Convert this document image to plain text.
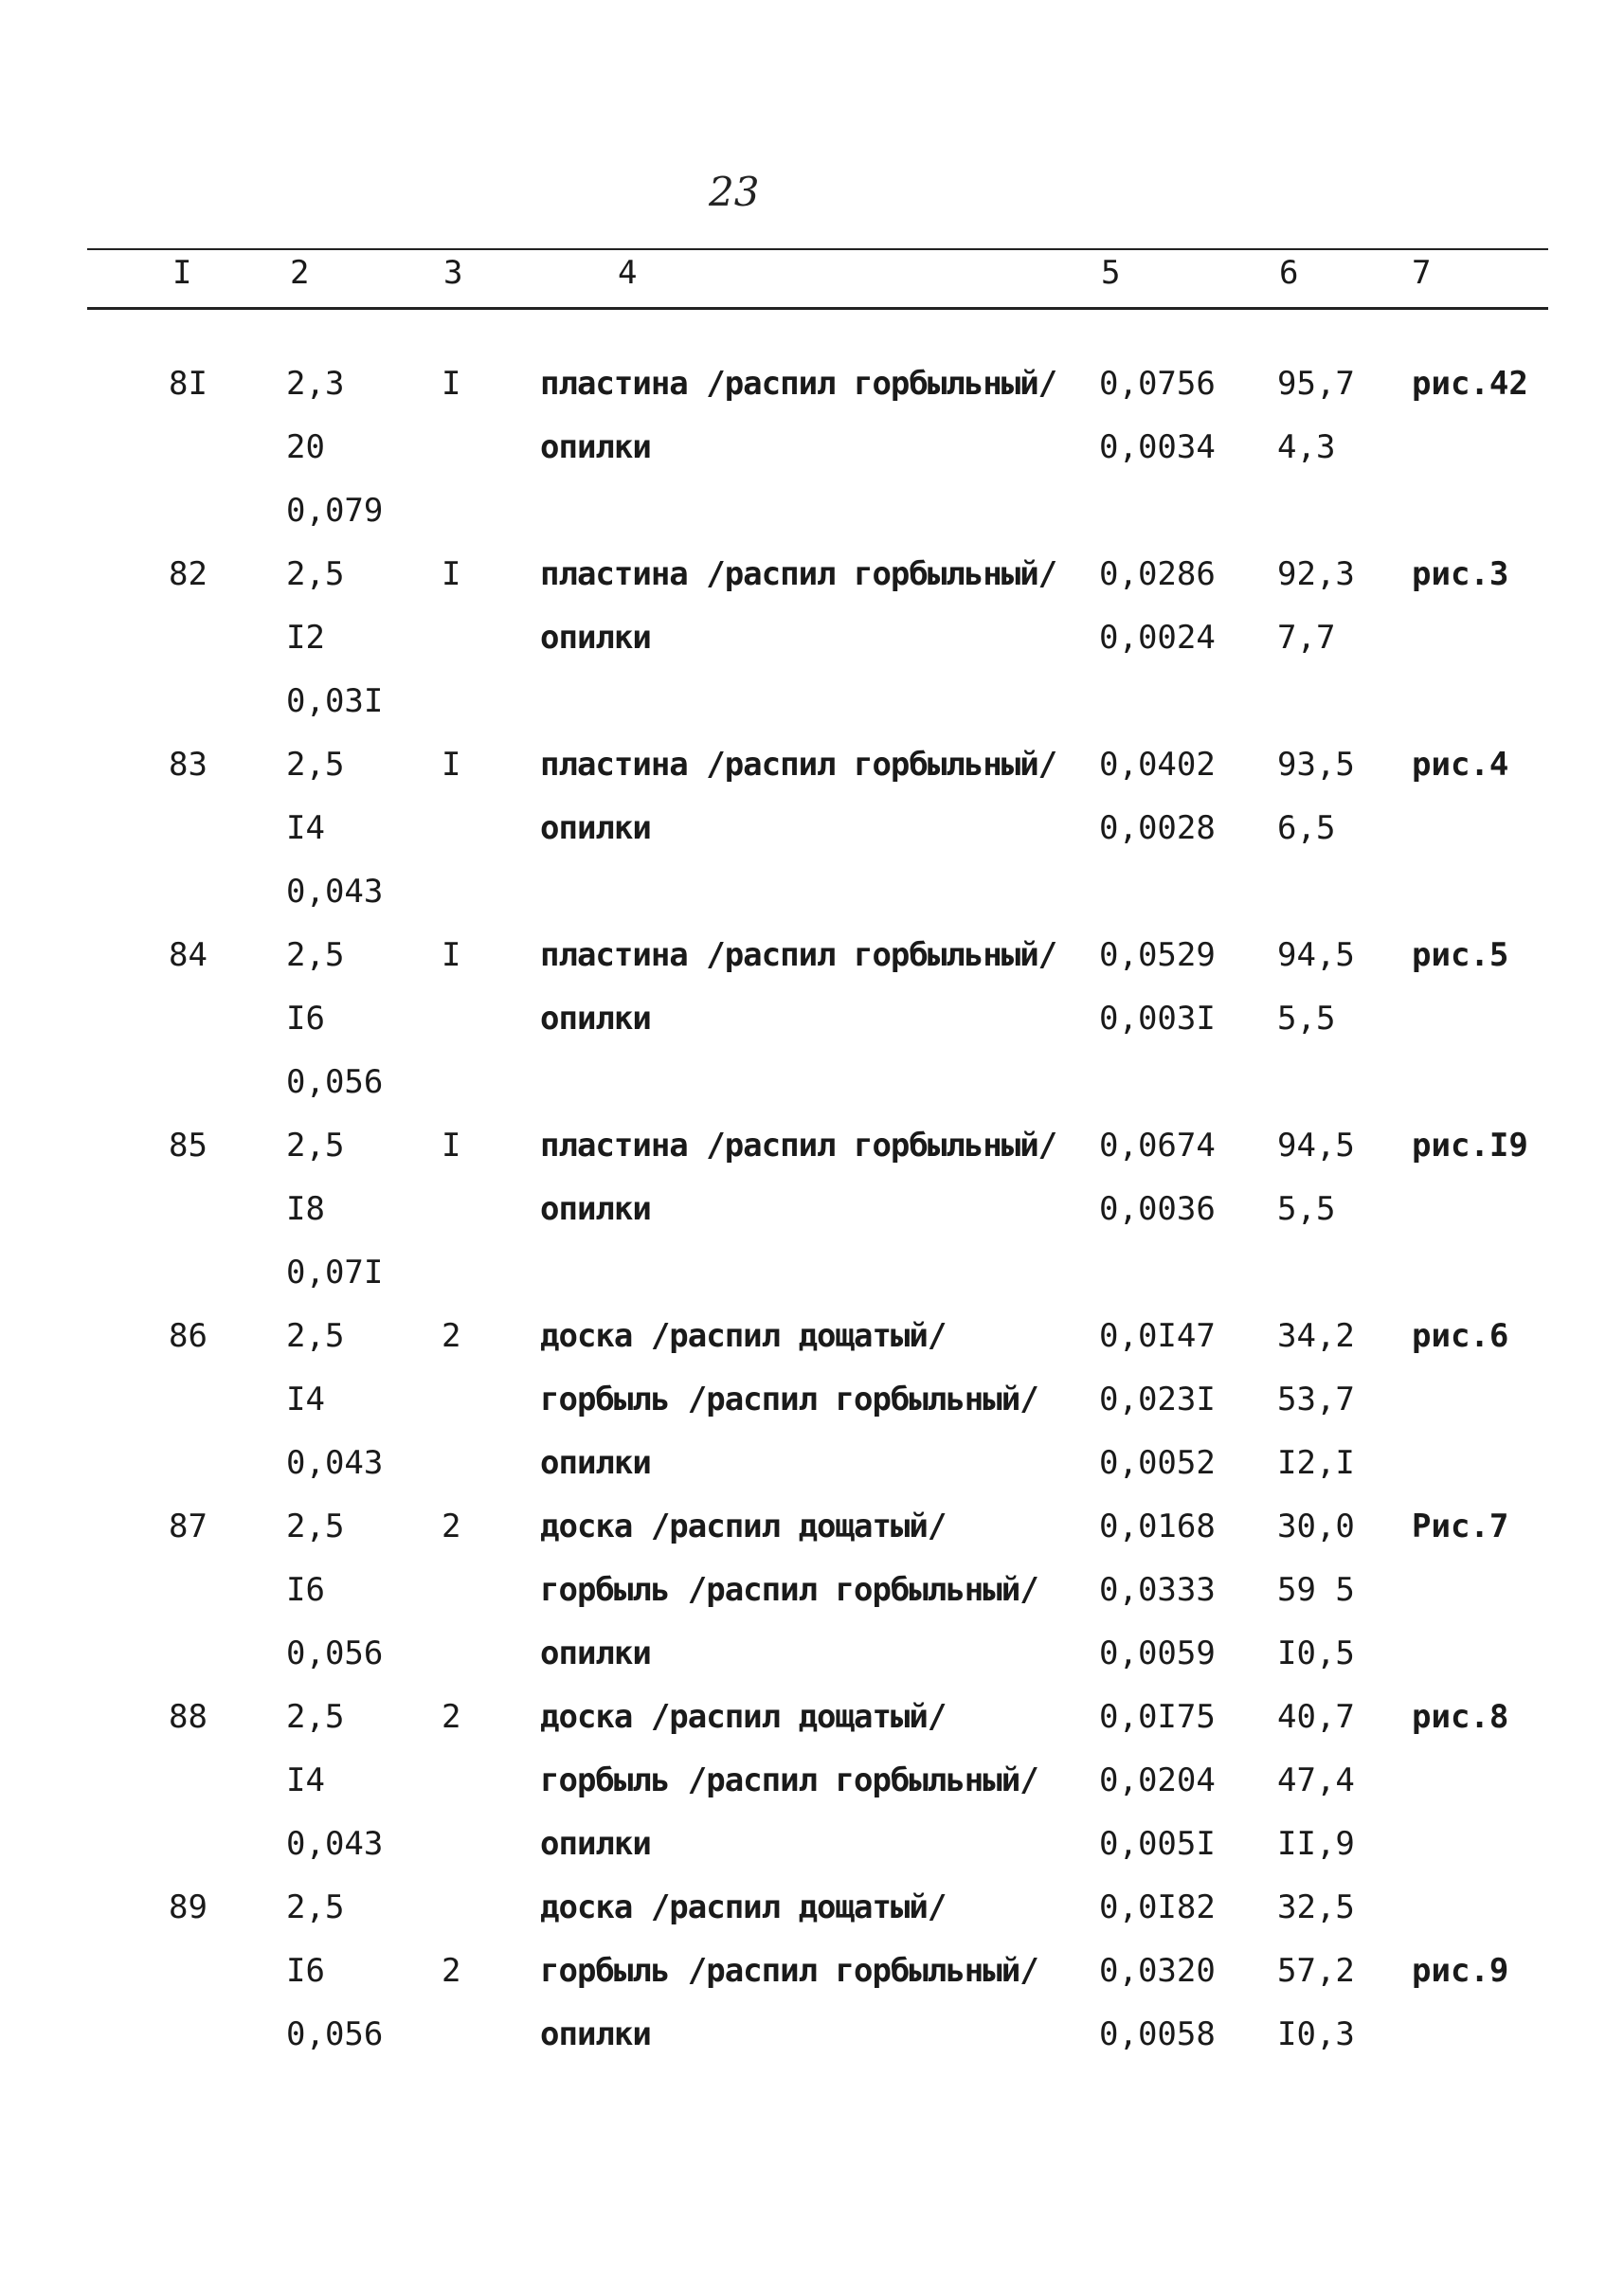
23
I	2	3	4	5	6	7
8I 2,3	I пластина /распил горбыльный/ 0,0756 95,7 рис.42
20	опилки	0,0034 4,3
0,079
82 2,5	I пластина /распил горбыльный/ 0,0286 92,3 рис.3
I2	опилки	0,0024 7,7
0,03I
83 2,5	I пластина /распил горбыльный/ 0,0402 93,5 рис.4
I4	опилки	0,0028 6,5
0,043
84 2,5	I пластина /распил горбыльный/ 0,0529 94,5 рис.5
I6	опилки	0,003I 5,5
0,056
85 2,5	I пластина /распил горбыльный/ 0,0674 94,5 рис.I9
I8	опилки	0,0036 5,5
0,07I
86 2,5	2 доска /распил дощатый/	0,0I47 34,2 рис.6
I4	горбыль /распил горбыльный/ 0,023I 53,7
0,043	опилки	0,0052 I2,I
87 2,5	2 доска /распил дощатый/	0,0168 30,0 Рис.7
I6	горбыль /распил горбыльный/ 0,0333 59 5
0,056	опилки	0,0059 I0,5
88 2,5	2 доска /распил дощатый/	0,0I75 40,7 рис.8
I4	горбыль /распил горбыльный/ 0,0204 47,4
0,043	опилки	0,005I II,9
89 2,5	доска /распил дощатый/	0,0I82 32,5
I6	2 горбыль /распил горбыльный/ 0,0320 57,2 рис.9
0,056	опилки	0,0058 I0,3
